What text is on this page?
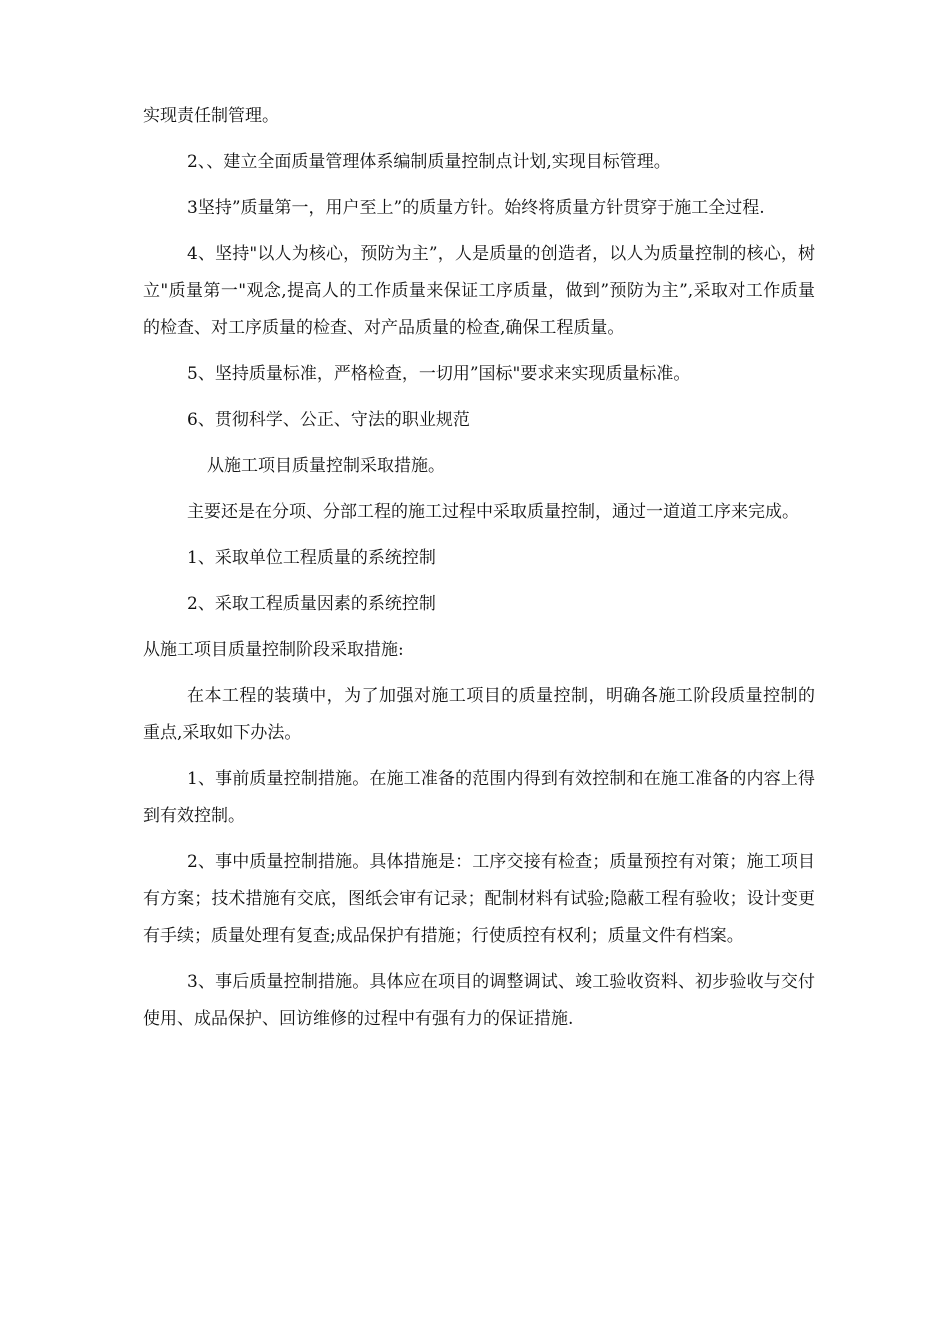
实现责任制管理。

2、、建立全面质量管理体系编制质量控制点计划,实现目标管理。

3坚持”质量第一，用户至上”的质量方针。始终将质量方针贯穿于施工全过程.

4、坚持"以人为核心，预防为主”，人是质量的创造者，以人为质量控制的核心，树立"质量第一"观念,提高人的工作质量来保证工序质量，做到”预防为主”,采取对工作质量的检查、对工序质量的检查、对产品质量的检查,确保工程质量。

5、坚持质量标准，严格检查，一切用”国标"要求来实现质量标准。

6、贯彻科学、公正、守法的职业规范

从施工项目质量控制采取措施。

主要还是在分项、分部工程的施工过程中采取质量控制，通过一道道工序来完成。

1、采取单位工程质量的系统控制

2、采取工程质量因素的系统控制

从施工项目质量控制阶段采取措施:

在本工程的装璜中，为了加强对施工项目的质量控制，明确各施工阶段质量控制的重点,采取如下办法。

1、事前质量控制措施。在施工准备的范围内得到有效控制和在施工准备的内容上得到有效控制。

2、事中质量控制措施。具体措施是：工序交接有检查；质量预控有对策；施工项目有方案；技术措施有交底，图纸会审有记录；配制材料有试验;隐蔽工程有验收；设计变更有手续；质量处理有复查;成品保护有措施；行使质控有权利；质量文件有档案。

3、事后质量控制措施。具体应在项目的调整调试、竣工验收资料、初步验收与交付使用、成品保护、回访维修的过程中有强有力的保证措施.
